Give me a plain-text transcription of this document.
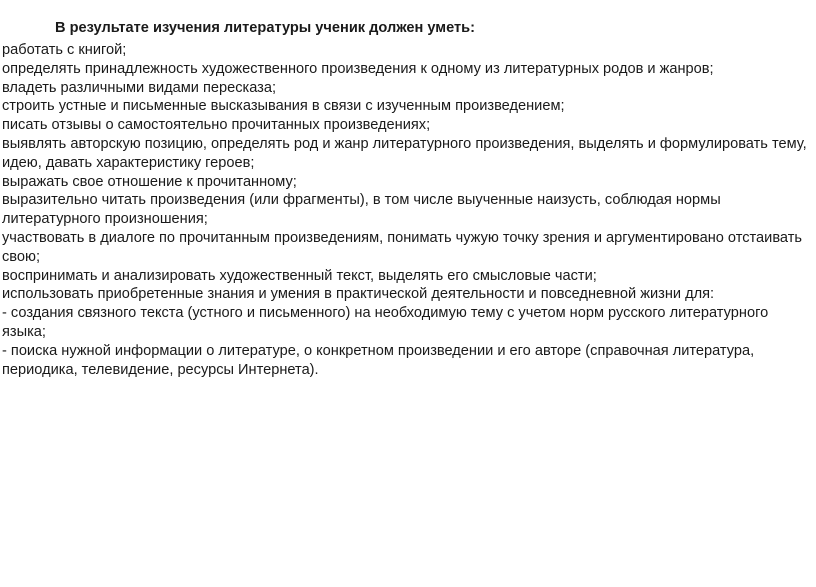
В результате изучения литературы ученик должен уметь:
работать с книгой;
определять принадлежность художественного произведения к одному из литературных родов и жанров;
владеть различными видами пересказа;
строить устные и письменные высказывания в связи с изученным произведением;
писать отзывы о самостоятельно прочитанных произведениях;
выявлять авторскую позицию, определять род и жанр литературного произведения, выделять и формулировать тему, идею, давать характеристику героев;
выражать свое отношение к прочитанному;
выразительно читать произведения (или фрагменты), в том числе выученные наизусть, соблюдая нормы литературного произношения;
участвовать в диалоге по прочитанным произведениям, понимать чужую точку зрения и аргументировано отстаивать свою;
воспринимать и анализировать художественный текст, выделять его смысловые части;
использовать приобретенные знания и умения в практической деятельности и повседневной жизни для:
- создания связного текста (устного и письменного) на необходимую тему с учетом норм русского литературного языка;
- поиска нужной информации о литературе, о конкретном произведении и его авторе (справочная литература, периодика, телевидение, ресурсы Интернета).
